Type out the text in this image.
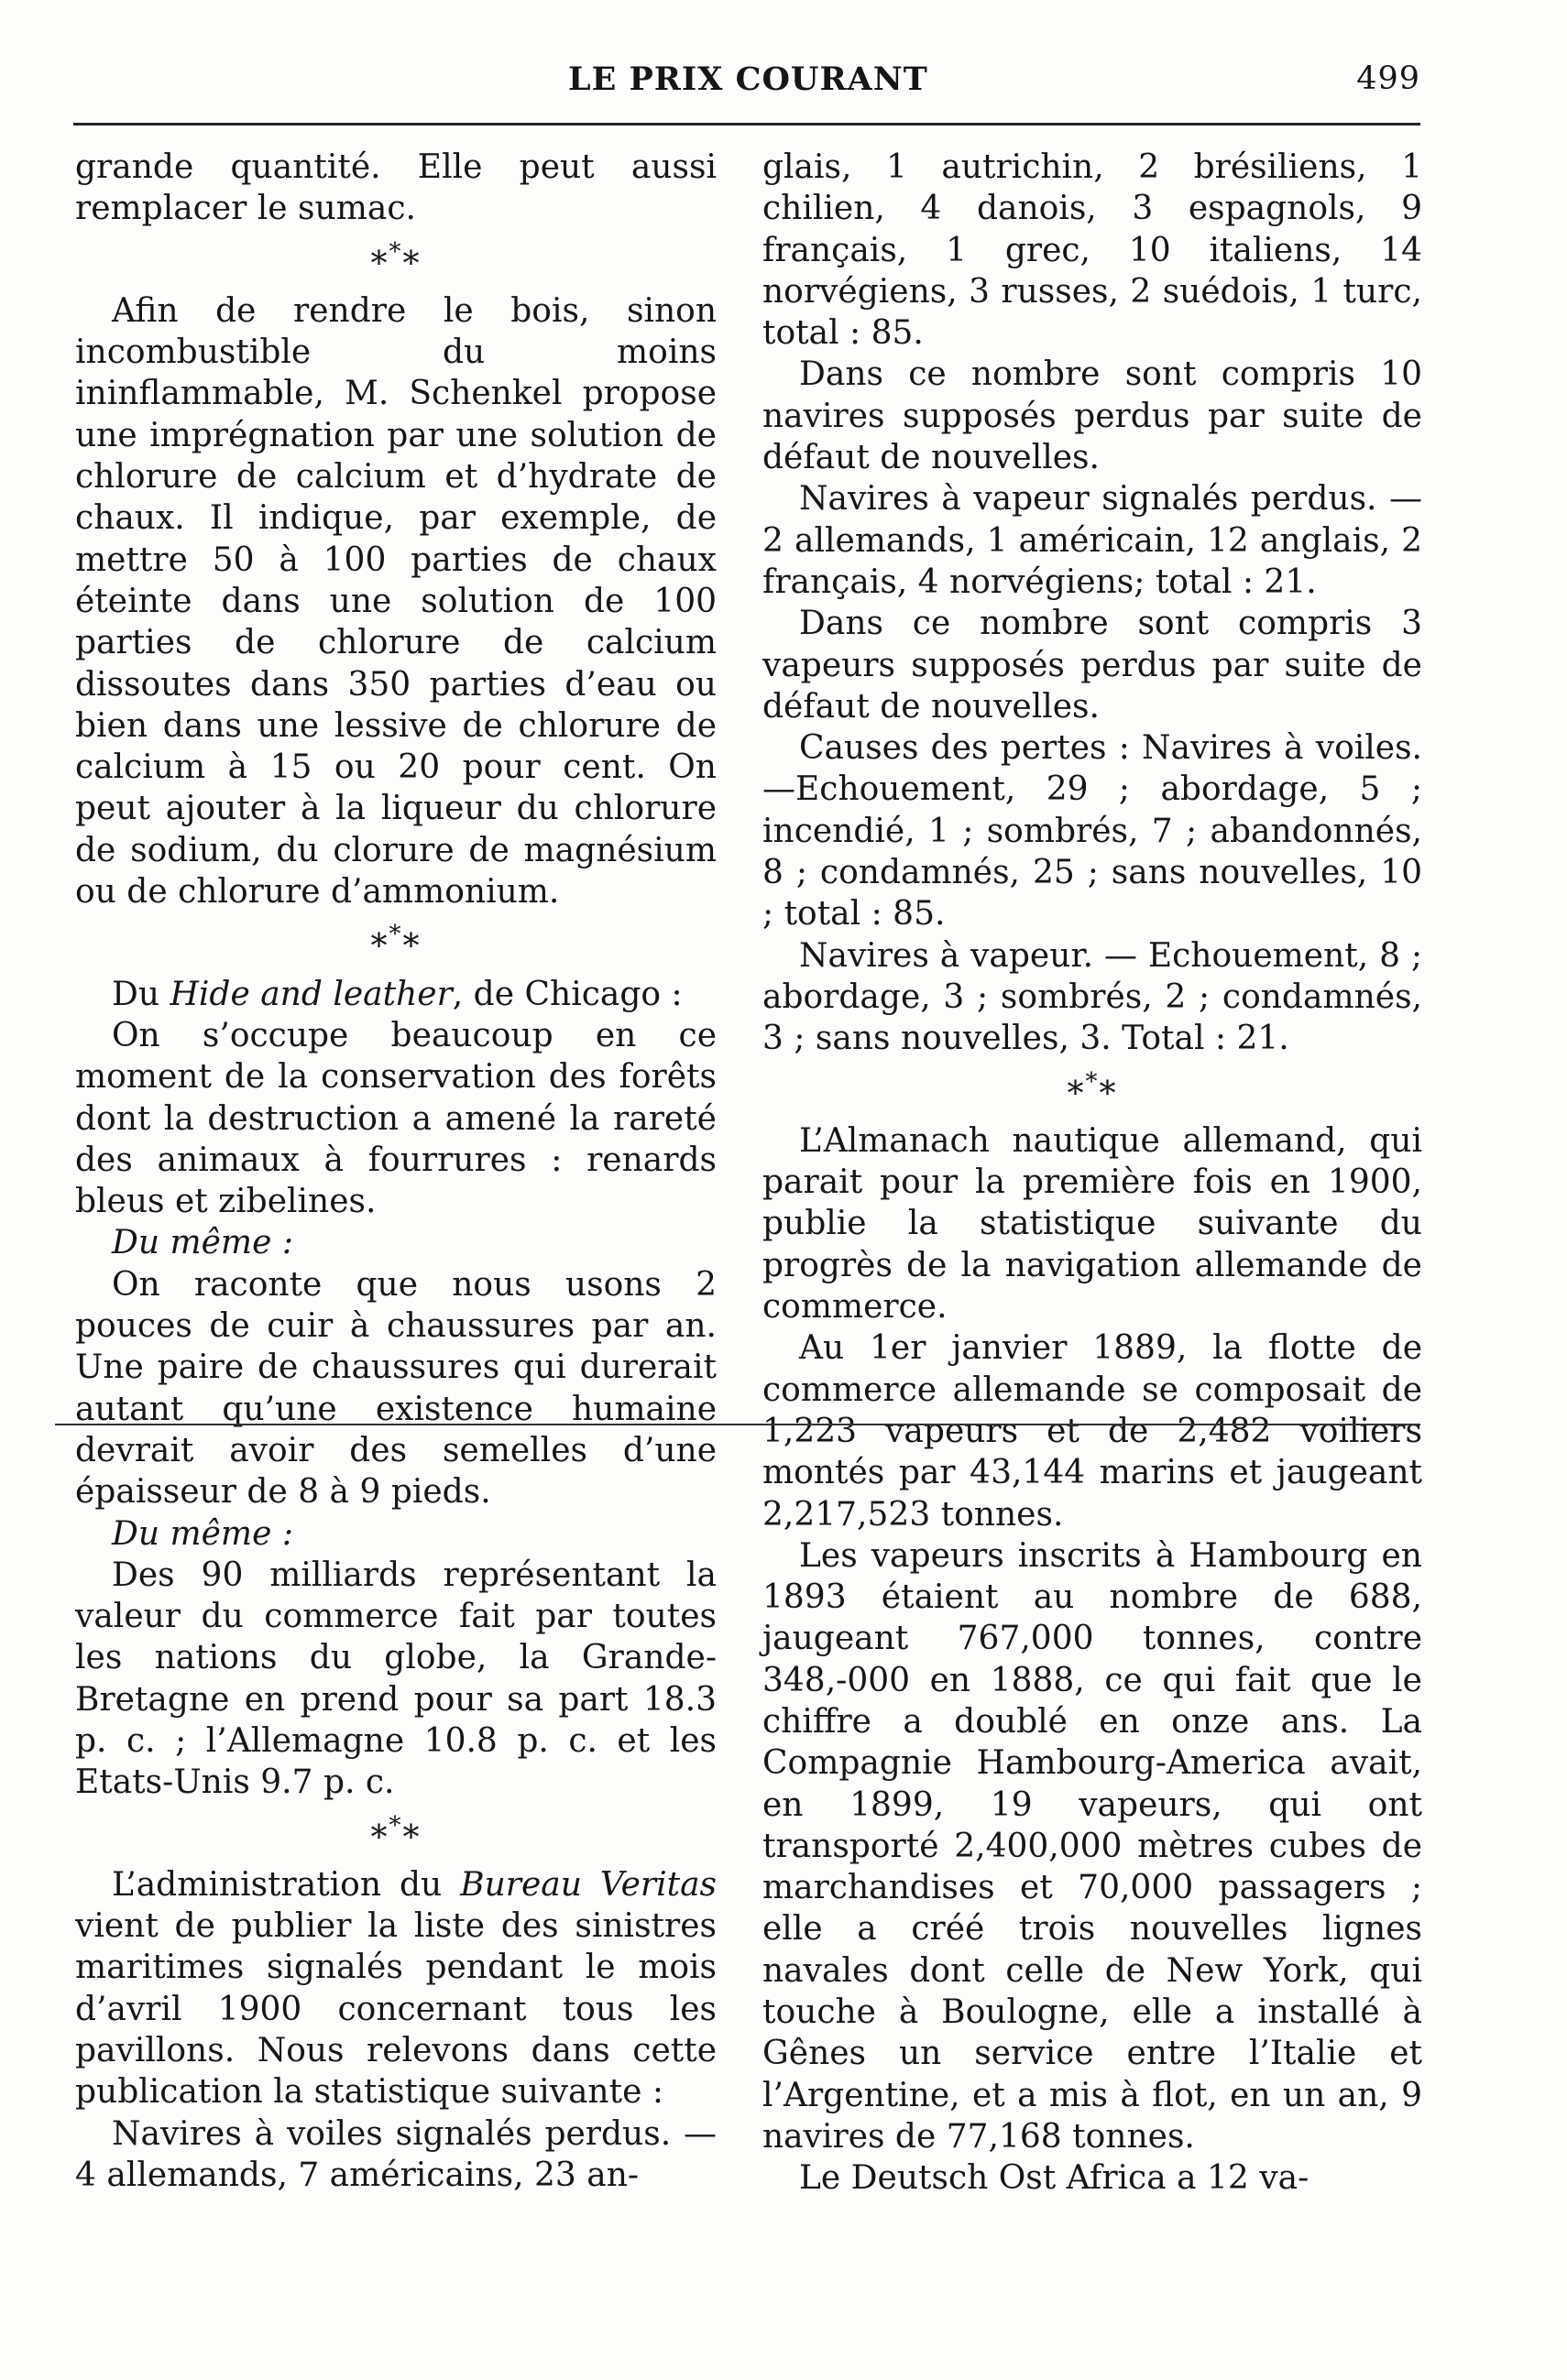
LE PRIX COURANT	499

grande quantité. Elle peut aussi remplacer le sumac.

***

Afin de rendre le bois, sinon incombustible du moins ininflammable, M. Schenkel propose une imprégnation par une solution de chlorure de calcium et d’hydrate de chaux. Il indique, par exemple, de mettre 50 à 100 parties de chaux éteinte dans une solution de 100 parties de chlorure de calcium dissoutes dans 350 parties d’eau ou bien dans une lessive de chlorure de calcium à 15 ou 20 pour cent. On peut ajouter à la liqueur du chlorure de sodium, du clorure de magnésium ou de chlorure d’ammonium.

***

Du Hide and leather, de Chicago :

On s’occupe beaucoup en ce moment de la conservation des forêts dont la destruction a amené la rareté des animaux à fourrures : renards bleus et zibelines.

Du même :

On raconte que nous usons 2 pouces de cuir à chaussures par an. Une paire de chaussures qui durerait autant qu’une existence humaine devrait avoir des semelles d’une épaisseur de 8 à 9 pieds.

Du même :

Des 90 milliards représentant la valeur du commerce fait par toutes les nations du globe, la Grande-Bretagne en prend pour sa part 18.3 p. c. ; l’Allemagne 10.8 p. c. et les Etats-Unis 9.7 p. c.

***

L’administration du Bureau Veritas vient de publier la liste des sinistres maritimes signalés pendant le mois d’avril 1900 concernant tous les pavillons. Nous relevons dans cette publication la statistique suivante :

Navires à voiles signalés perdus. —4 allemands, 7 américains, 23 an-

glais, 1 autrichin, 2 brésiliens, 1 chilien, 4 danois, 3 espagnols, 9 français, 1 grec, 10 italiens, 14 norvégiens, 3 russes, 2 suédois, 1 turc, total : 85.

Dans ce nombre sont compris 10 navires supposés perdus par suite de défaut de nouvelles.

Navires à vapeur signalés perdus. —2 allemands, 1 américain, 12 anglais, 2 français, 4 norvégiens; total : 21.

Dans ce nombre sont compris 3 vapeurs supposés perdus par suite de défaut de nouvelles.

Causes des pertes : Navires à voiles.—Echouement, 29 ; abordage, 5 ; incendié, 1 ; sombrés, 7 ; abandonnés, 8 ; condamnés, 25 ; sans nouvelles, 10 ; total : 85.

Navires à vapeur. — Echouement, 8 ; abordage, 3 ; sombrés, 2 ; condamnés, 3 ; sans nouvelles, 3. Total : 21.

***

L’Almanach nautique allemand, qui parait pour la première fois en 1900, publie la statistique suivante du progrès de la navigation allemande de commerce.

Au 1er janvier 1889, la flotte de commerce allemande se composait de 1,223 vapeurs et de 2,482 voiliers montés par 43,144 marins et jaugeant 2,217,523 tonnes.

Les vapeurs inscrits à Hambourg en 1893 étaient au nombre de 688, jaugeant 767,000 tonnes, contre 348,-000 en 1888, ce qui fait que le chiffre a doublé en onze ans. La Compagnie Hambourg-America avait, en 1899, 19 vapeurs, qui ont transporté 2,400,000 mètres cubes de marchandises et 70,000 passagers ; elle a créé trois nouvelles lignes navales dont celle de New York, qui touche à Boulogne, elle a installé à Gênes un service entre l’Italie et l’Argentine, et a mis à flot, en un an, 9 navires de 77,168 tonnes.

Le Deutsch Ost Africa a 12 va-
